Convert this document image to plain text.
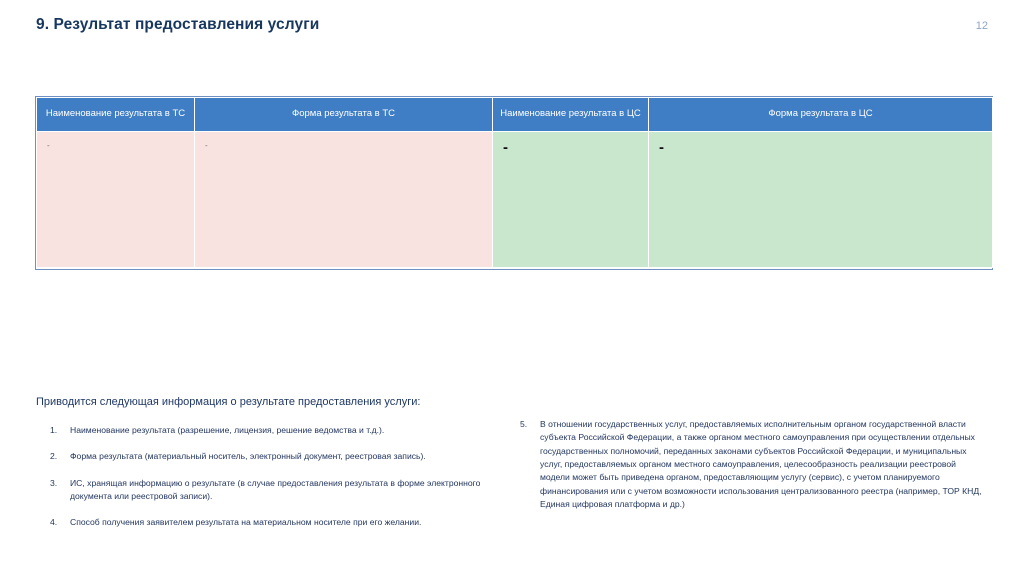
9. Результат предоставления услуги	12
Наименование результата в ТС	Форма результата в ТС	Наименование результата в ЦС	Форма результата в ЦС
-	-	-	-
Приводится следующая информация о результате предоставления услуги:
1.	Наименование результата (разрешение, лицензия, решение ведомства и т.д.).
2.	Форма результата (материальный носитель, электронный документ, реестровая запись).
3.	ИС, хранящая информацию о результате (в случае предоставления результата в форме электронного документа или реестровой записи).
4.	Способ получения заявителем результата на материальном носителе при его желании.
5.	В отношении государственных услуг, предоставляемых исполнительным органом государственной власти субъекта Российской Федерации, а также органом местного самоуправления при осуществлении отдельных государственных полномочий, переданных законами субъектов Российской Федерации, и муниципальных услуг, предоставляемых органом местного самоуправления, целесообразность реализации реестровой модели может быть приведена органом, предоставляющим услугу (сервис), с учетом планируемого финансирования или с учетом возможности использования централизованного реестра (например, ТОР КНД, Единая цифровая платформа и др.)
